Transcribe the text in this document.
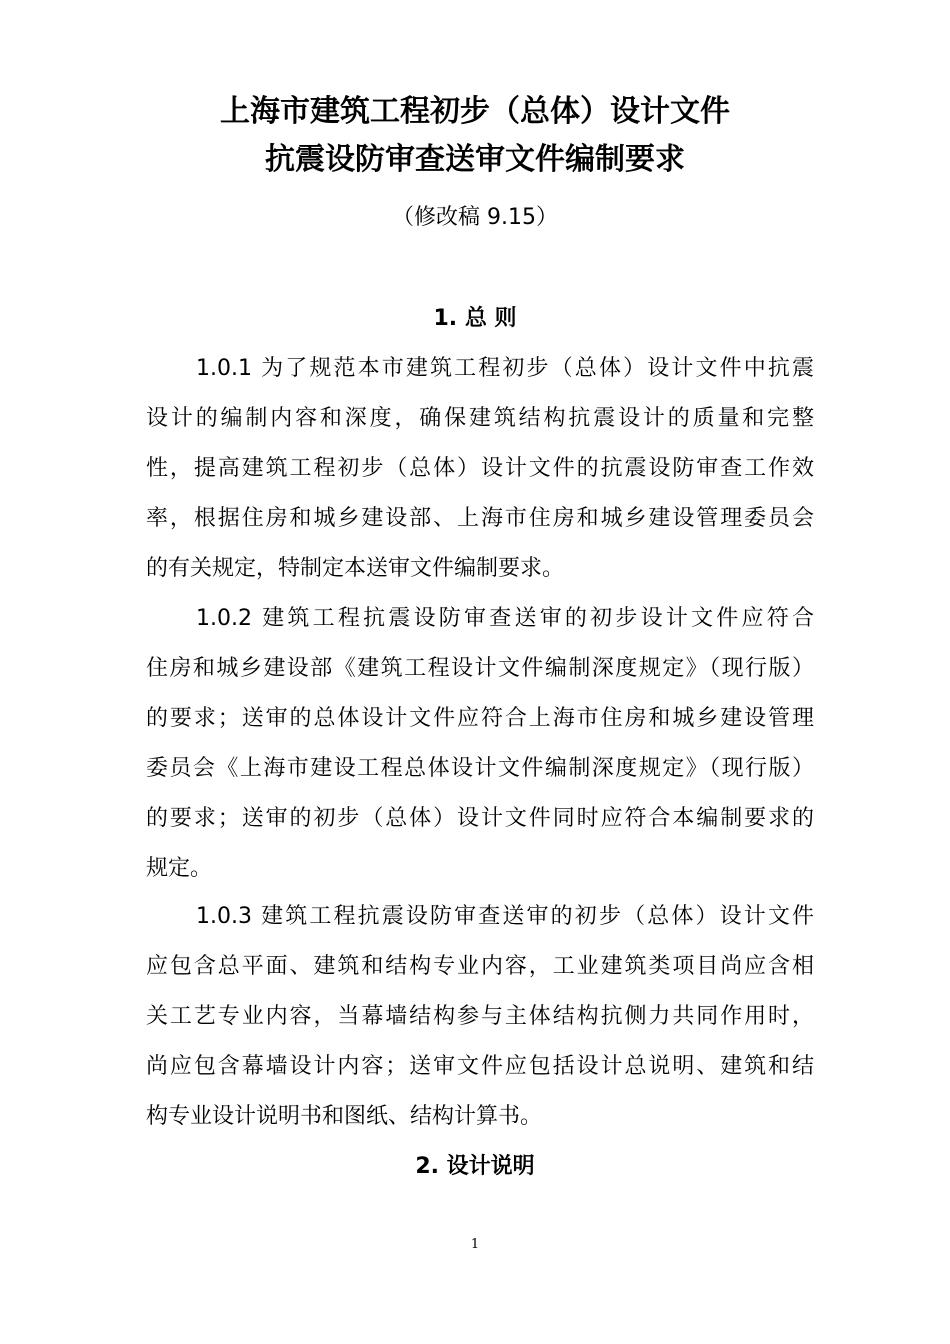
上海市建筑工程初步（总体）设计文件
抗震设防审查送审文件编制要求
（修改稿 9.15）
1. 总 则
1.0.1 为了规范本市建筑工程初步（总体）设计文件中抗震
设计的编制内容和深度，确保建筑结构抗震设计的质量和完整
性，提高建筑工程初步（总体）设计文件的抗震设防审查工作效
率，根据住房和城乡建设部、上海市住房和城乡建设管理委员会
的有关规定，特制定本送审文件编制要求。
1.0.2 建筑工程抗震设防审查送审的初步设计文件应符合
住房和城乡建设部《建筑工程设计文件编制深度规定》（现行版）
的要求；送审的总体设计文件应符合上海市住房和城乡建设管理
委员会《上海市建设工程总体设计文件编制深度规定》（现行版）
的要求；送审的初步（总体）设计文件同时应符合本编制要求的
规定。
1.0.3 建筑工程抗震设防审查送审的初步（总体）设计文件
应包含总平面、建筑和结构专业内容，工业建筑类项目尚应含相
关工艺专业内容，当幕墙结构参与主体结构抗侧力共同作用时，
尚应包含幕墙设计内容；送审文件应包括设计总说明、建筑和结
构专业设计说明书和图纸、结构计算书。
2. 设计说明
1
